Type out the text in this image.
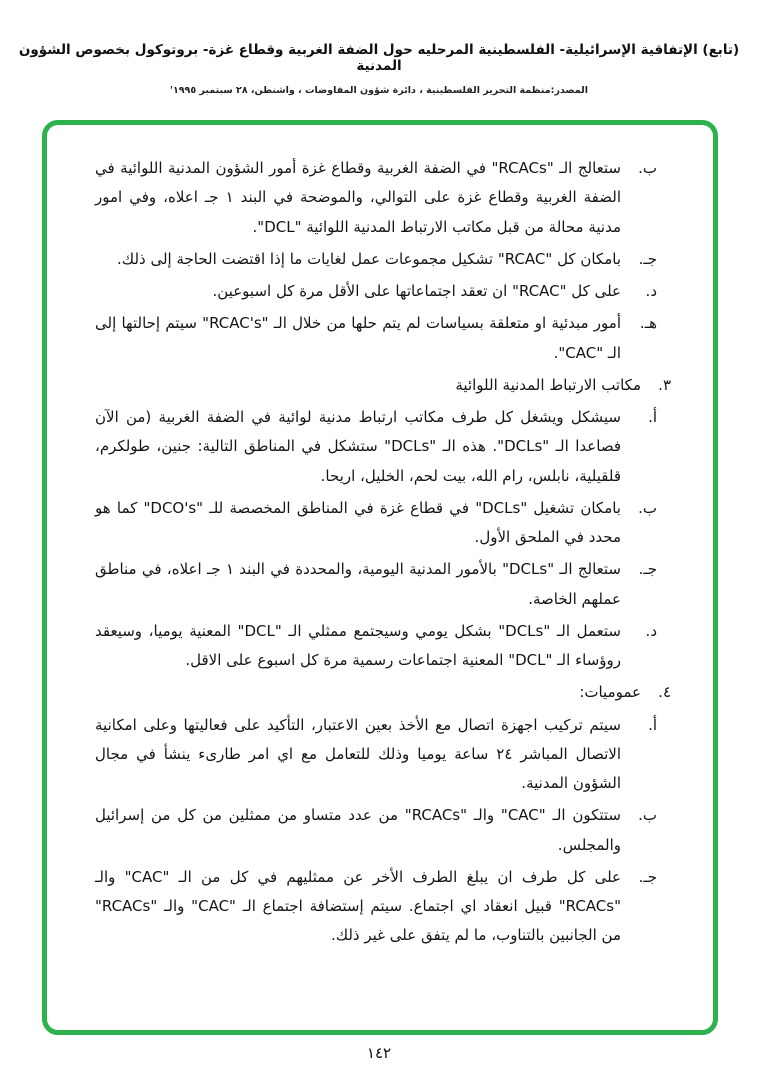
(تابع) الإتفاقية الإسرائيلية- الفلسطينية المرحليه حول الضفة الغربية وقطاع غزة- بروتوكول بخصوص الشؤون المدنية
المصدر:منظمة التحرير الفلسطينية ، دائرة شؤون المفاوضات ، واشنطن، ٢٨ سبتمبر ١٩٩٥'
ب.
ستعالج الـ "RCACs" في الضفة الغربية وقطاع غزة أمور الشؤون المدنية اللوائية في الضفة الغربية وقطاع غزة على التوالي، والموضحة في البند ١ جـ اعلاه، وفي امور مدنية محالة من قبل مكاتب الارتباط المدنية اللوائية "DCL".
جـ.
بامكان كل "RCAC" تشكيل مجموعات عمل لغايات ما إذا اقتضت الحاجة إلى ذلك.
د.
على كل "RCAC" ان تعقد اجتماعاتها على الأقل مرة كل اسبوعين.
هـ.
أمور مبدئية او متعلقة بسياسات لم يتم حلها من خلال الـ "RCAC's" سيتم إحالتها إلى الـ "CAC".
٣.
مكاتب الارتباط المدنية اللوائية
أ.
سيشكل ويشغل كل طرف مكاتب ارتباط مدنية لوائية في الضفة الغربية (من الآن فصاعدا الـ "DCLs". هذه الـ "DCLs" ستشكل في المناطق التالية: جنين، طولكرم، قلقيلية، نابلس، رام الله، بيت لحم، الخليل، اريحا.
ب.
بامكان تشغيل "DCLs" في قطاع غزة في المناطق المخصصة للـ "DCO's" كما هو محدد في الملحق الأول.
جـ.
ستعالج الـ "DCLs" بالأمور المدنية اليومية، والمحددة في البند ١ جـ اعلاه، في مناطق عملهم الخاصة.
د.
ستعمل الـ "DCLs" بشكل يومي وسيجتمع ممثلي الـ "DCL" المعنية يوميا، وسيعقد روؤساء الـ "DCL" المعنية اجتماعات رسمية مرة كل اسبوع على الاقل.
٤.
عموميات:
أ.
سيتم تركيب اجهزة اتصال مع الأخذ بعين الاعتبار، التأكيد على فعاليتها وعلى امكانية الاتصال المباشر ٢٤ ساعة يوميا وذلك للتعامل مع اي امر طارىء ينشأ في مجال الشؤون المدنية.
ب.
ستتكون الـ "CAC" والـ "RCACs" من عدد متساو من ممثلين من كل من إسرائيل والمجلس.
جـ.
على كل طرف ان يبلغ الطرف الأخر عن ممثليهم في كل من الـ "CAC" والـ "RCACs" قبيل انعقاد اي اجتماع. سيتم إستضافة اجتماع الـ "CAC" والـ "RCACs" من الجانبين بالتناوب، ما لم يتفق على غير ذلك.
١٤٢
